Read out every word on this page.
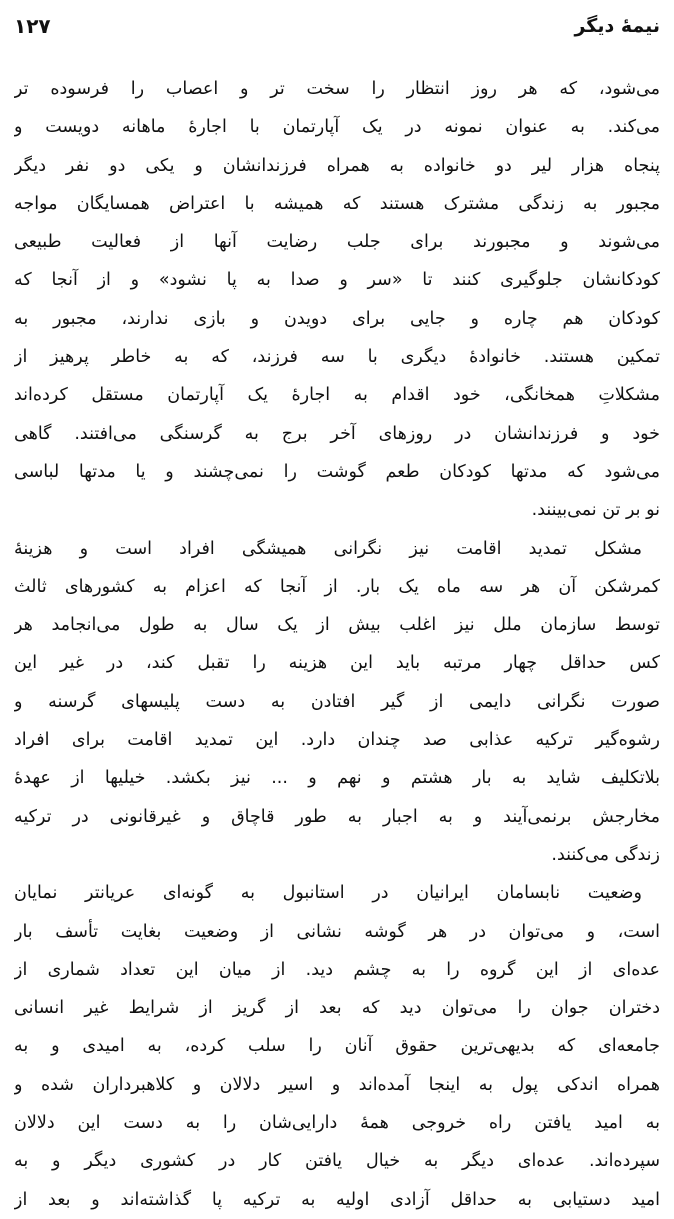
۱۲۷	نیمهٔ دیگر
می‌شود، که هر روز انتظار را سخت تر و اعصاب را فرسوده تر
می‌کند. به عنوان نمونه در یک آپارتمان با اجارهٔ ماهانه دویست و
پنجاه هزار لیر دو خانواده به همراه فرزندانشان و یکی دو نفر دیگر
مجبور به زندگی مشترک هستند که همیشه با اعتراض همسایگان مواجه
می‌شوند و مجبورند برای جلب رضایت آنها از فعالیت طبیعی
کودکانشان جلوگیری کنند تا «سر و صدا به پا نشود» و از آنجا که
کودکان هم چاره و جایی برای دویدن و بازی ندارند، مجبور به
تمکین هستند. خانوادهٔ دیگری با سه فرزند، که به خاطر پرهیز از
مشکلاتِ همخانگی، خود اقدام به اجارهٔ یک آپارتمان مستقل کرده‌اند
خود و فرزندانشان در روزهای آخر برج به گرسنگی می‌افتند. گاهی
می‌شود که مدتها کودکان طعم گوشت را نمی‌چشند و یا مدتها لباسی
نو بر تن نمی‌بینند.
مشکل تمدید اقامت نیز نگرانی همیشگی افراد است و هزینهٔ
کمرشکن آن هر سه ماه یک بار. از آنجا که اعزام به کشورهای ثالث
توسط سازمان ملل نیز اغلب بیش از یک سال به طول می‌انجامد هر
کس حداقل چهار مرتبه باید این هزینه را تقبل کند، در غیر این
صورت نگرانی دایمی از گیر افتادن به دست پلیسهای گرسنه و
رشوه‌گیر ترکیه عذابی صد چندان دارد. این تمدید اقامت برای افراد
بلاتکلیف شاید به بار هشتم و نهم و ... نیز بکشد. خیلیها از عهدهٔ
مخارجش برنمی‌آیند و به اجبار به طور قاچاق و غیرقانونی در ترکیه
زندگی می‌کنند.
وضعیت نابسامان ایرانیان در استانبول به گونه‌ای عریانتر نمایان
است، و می‌توان در هر گوشه نشانی از وضعیت بغایت تأسف بار
عده‌ای از این گروه را به چشم دید. از میان این تعداد شماری از
دختران جوان را می‌توان دید که بعد از گریز از شرایط غیر انسانی
جامعه‌ای که بدیهی‌ترین حقوق آنان را سلب کرده، به امیدی و به
همراه اندکی پول به اینجا آمده‌اند و اسیر دلالان و کلاهبرداران شده و
به امید یافتن راه خروجی همهٔ دارایی‌شان را به دست این دلالان
سپرده‌اند. عده‌ای دیگر به خیال یافتن کار در کشوری دیگر و به
امید دستیابی به حداقل آزادی اولیه به ترکیه پا گذاشته‌اند و بعد از
